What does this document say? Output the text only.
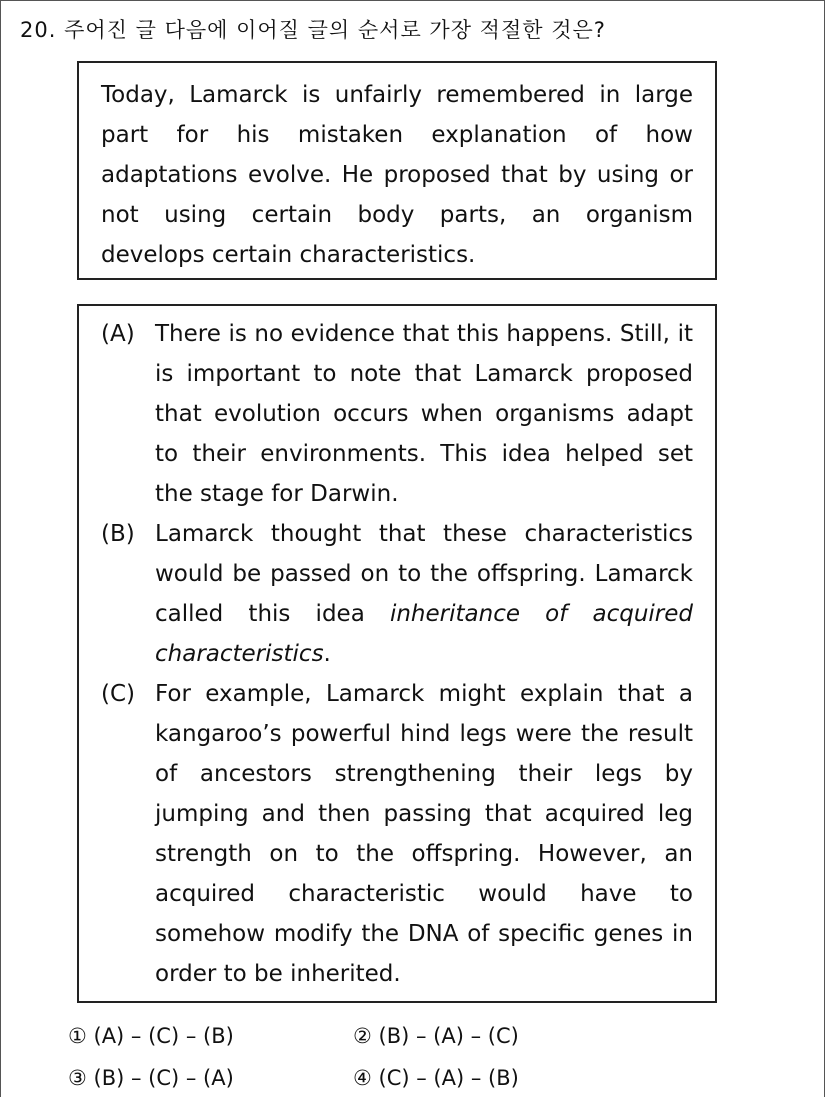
20. 주어진 글 다음에 이어질 글의 순서로 가장 적절한 것은?

Today, Lamarck is unfairly remembered in large part for his mistaken explanation of how adaptations evolve. He proposed that by using or not using certain body parts, an organism develops certain characteristics.

(A) There is no evidence that this happens. Still, it is important to note that Lamarck proposed that evolution occurs when organisms adapt to their environments. This idea helped set the stage for Darwin.
(B) Lamarck thought that these characteristics would be passed on to the offspring. Lamarck called this idea inheritance of acquired characteristics.
(C) For example, Lamarck might explain that a kangaroo’s powerful hind legs were the result of ancestors strengthening their legs by jumping and then passing that acquired leg strength on to the offspring. However, an acquired characteristic would have to somehow modify the DNA of specific genes in order to be inherited.
① (A) – (C) – (B)	② (B) – (A) – (C)
③ (B) – (C) – (A)	④ (C) – (A) – (B)
